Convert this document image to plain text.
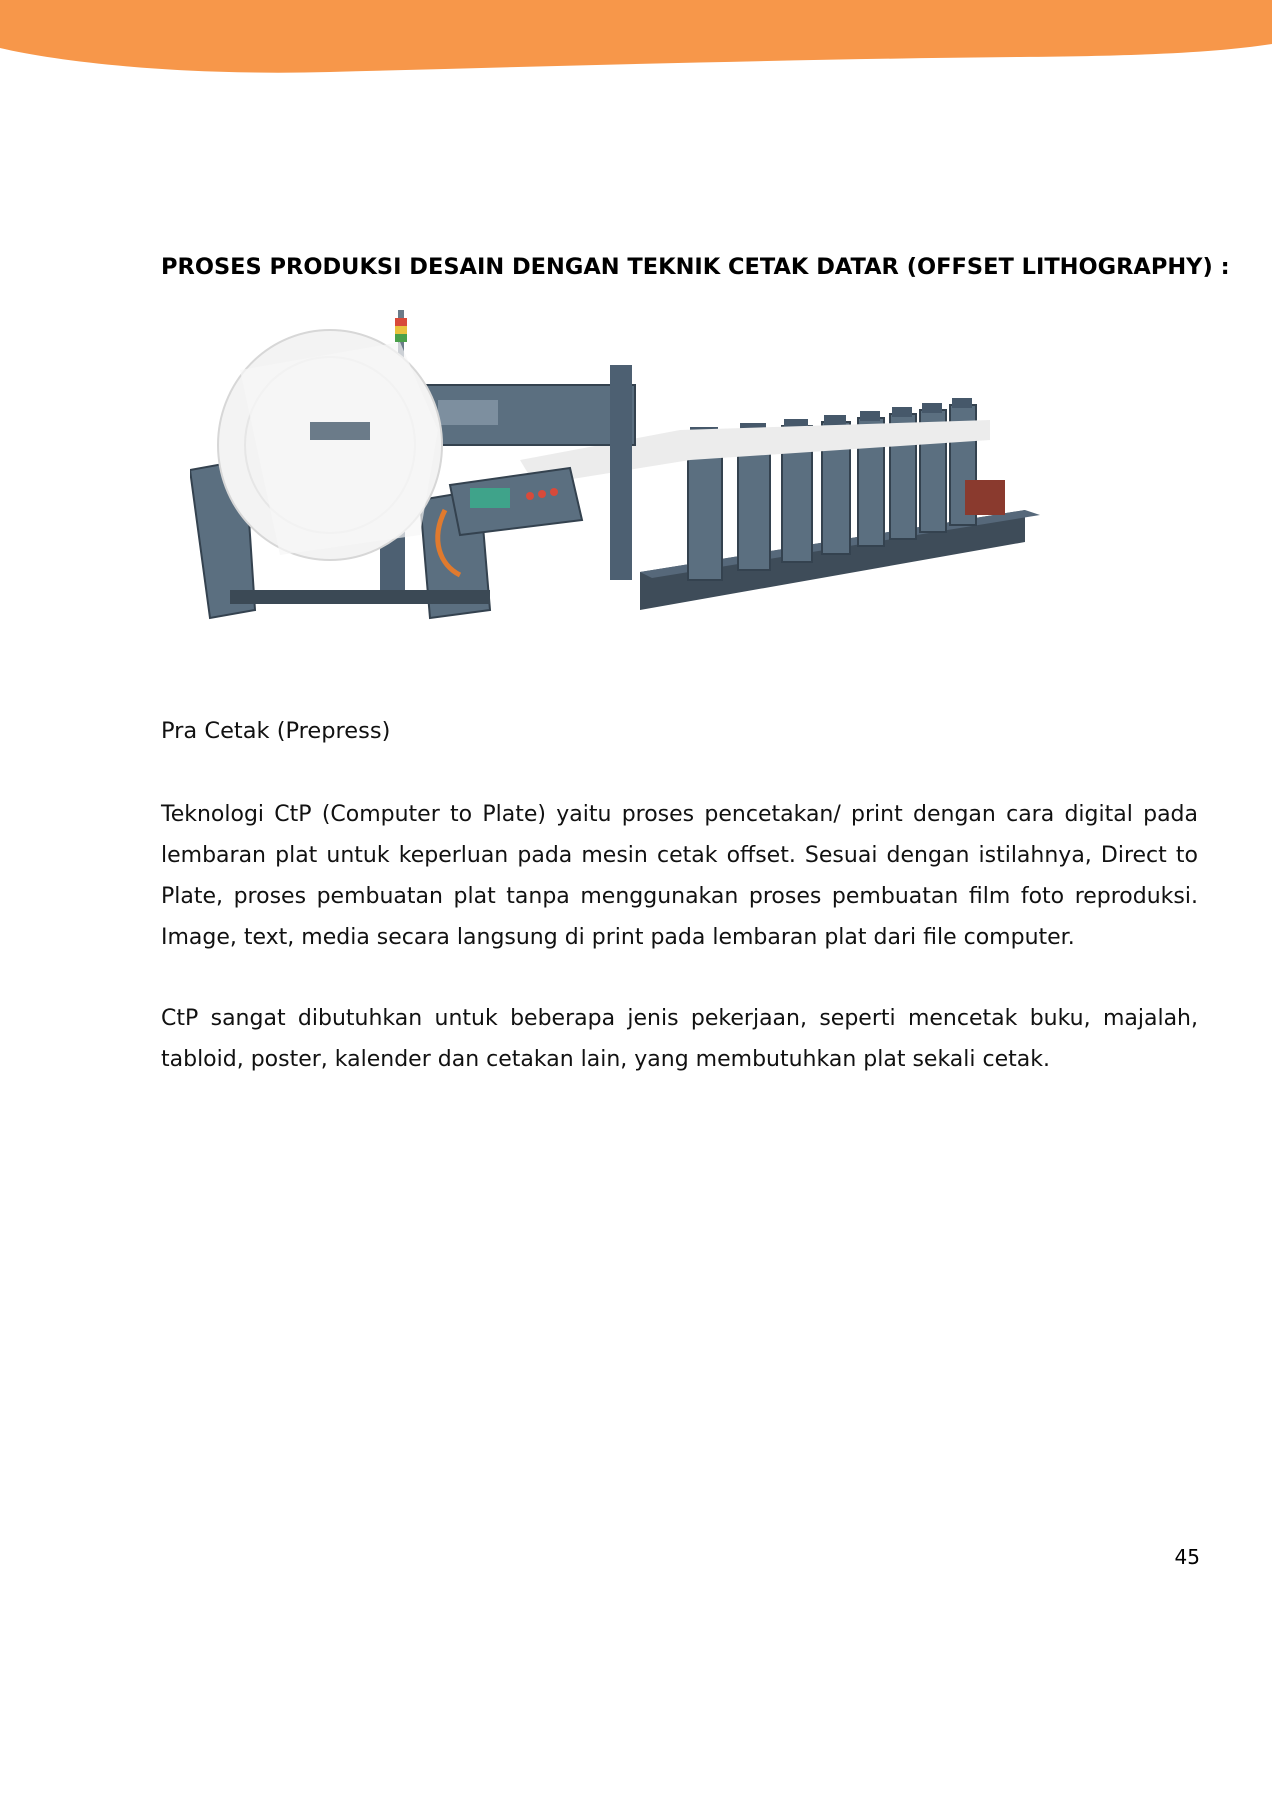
PROSES PRODUKSI DESAIN DENGAN TEKNIK CETAK DATAR (OFFSET LITHOGRAPHY) :
Pra Cetak (Prepress)

Teknologi CtP (Computer to Plate) yaitu proses pencetakan/ print dengan cara digital pada lembaran plat untuk keperluan pada mesin cetak offset. Sesuai dengan istilahnya, Direct to Plate, proses pembuatan plat tanpa menggunakan proses pembuatan film foto reproduksi. Image, text, media secara langsung di print pada lembaran plat dari file computer.

CtP sangat dibutuhkan untuk beberapa jenis pekerjaan, seperti mencetak buku, majalah, tabloid, poster, kalender dan cetakan lain, yang membutuhkan plat sekali cetak.

45
